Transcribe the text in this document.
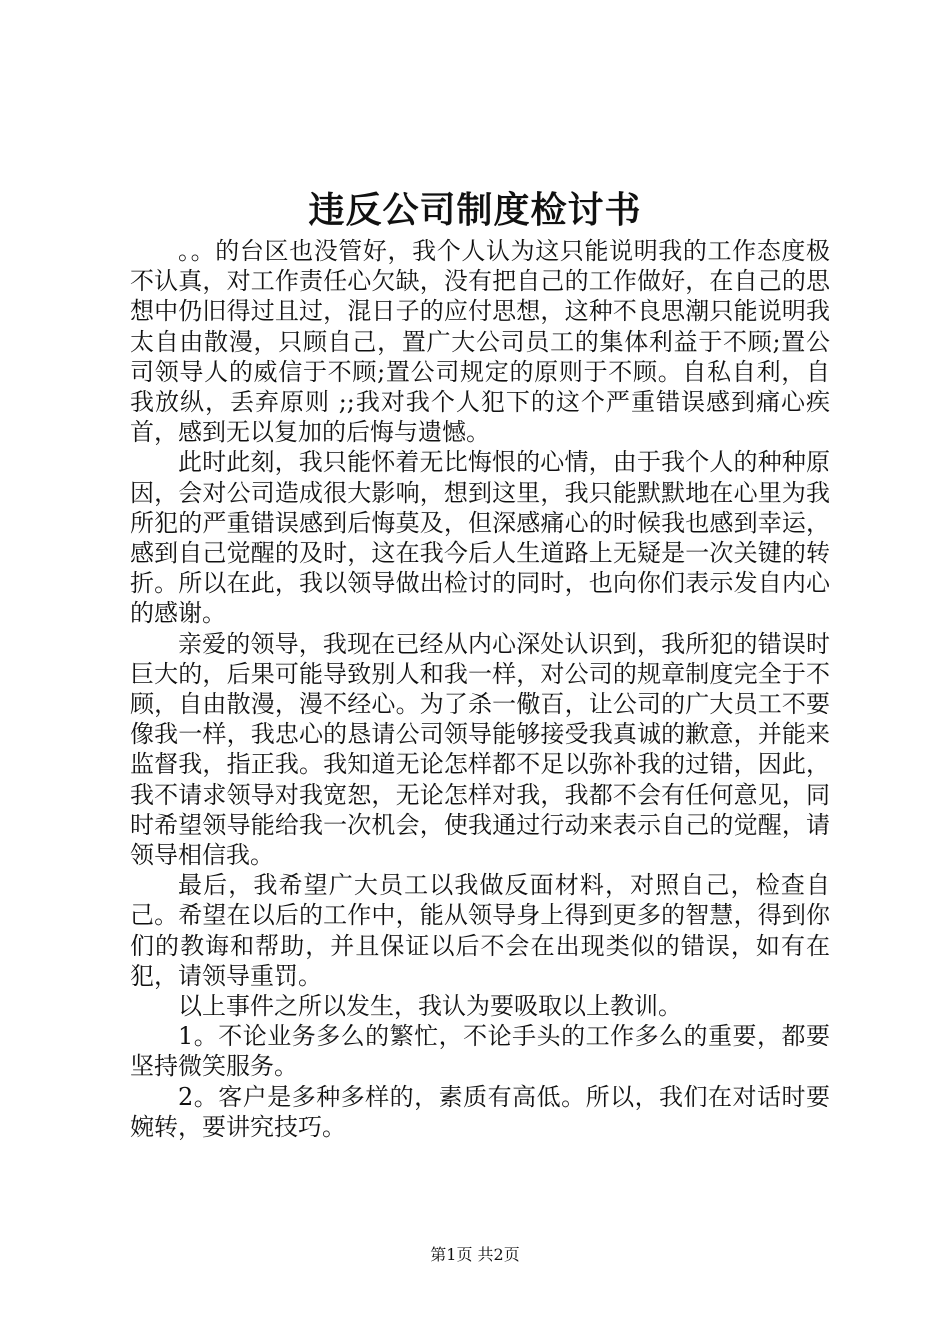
违反公司制度检讨书

。。的台区也没管好，我个人认为这只能说明我的工作态度极不认真，对工作责任心欠缺，没有把自己的工作做好，在自己的思想中仍旧得过且过，混日子的应付思想，这种不良思潮只能说明我太自由散漫，只顾自己，置广大公司员工的集体利益于不顾;置公司领导人的威信于不顾;置公司规定的原则于不顾。自私自利，自我放纵，丢弃原则 ;;我对我个人犯下的这个严重错误感到痛心疾首，感到无以复加的后悔与遗憾。

此时此刻，我只能怀着无比悔恨的心情，由于我个人的种种原因，会对公司造成很大影响，想到这里，我只能默默地在心里为我所犯的严重错误感到后悔莫及，但深感痛心的时候我也感到幸运，感到自己觉醒的及时，这在我今后人生道路上无疑是一次关键的转折。所以在此，我以领导做出检讨的同时，也向你们表示发自内心的感谢。

亲爱的领导，我现在已经从内心深处认识到，我所犯的错误时巨大的，后果可能导致别人和我一样，对公司的规章制度完全于不顾，自由散漫，漫不经心。为了杀一儆百，让公司的广大员工不要像我一样，我忠心的恳请公司领导能够接受我真诚的歉意，并能来监督我，指正我。我知道无论怎样都不足以弥补我的过错，因此，我不请求领导对我宽恕，无论怎样对我，我都不会有任何意见，同时希望领导能给我一次机会，使我通过行动来表示自己的觉醒，请领导相信我。

最后，我希望广大员工以我做反面材料，对照自己，检查自己。希望在以后的工作中，能从领导身上得到更多的智慧，得到你们的教诲和帮助，并且保证以后不会在出现类似的错误，如有在犯，请领导重罚。

以上事件之所以发生，我认为要吸取以上教训。

1。不论业务多么的繁忙，不论手头的工作多么的重要，都要坚持微笑服务。

2。客户是多种多样的，素质有高低。所以，我们在对话时要婉转，要讲究技巧。

第1页 共2页
